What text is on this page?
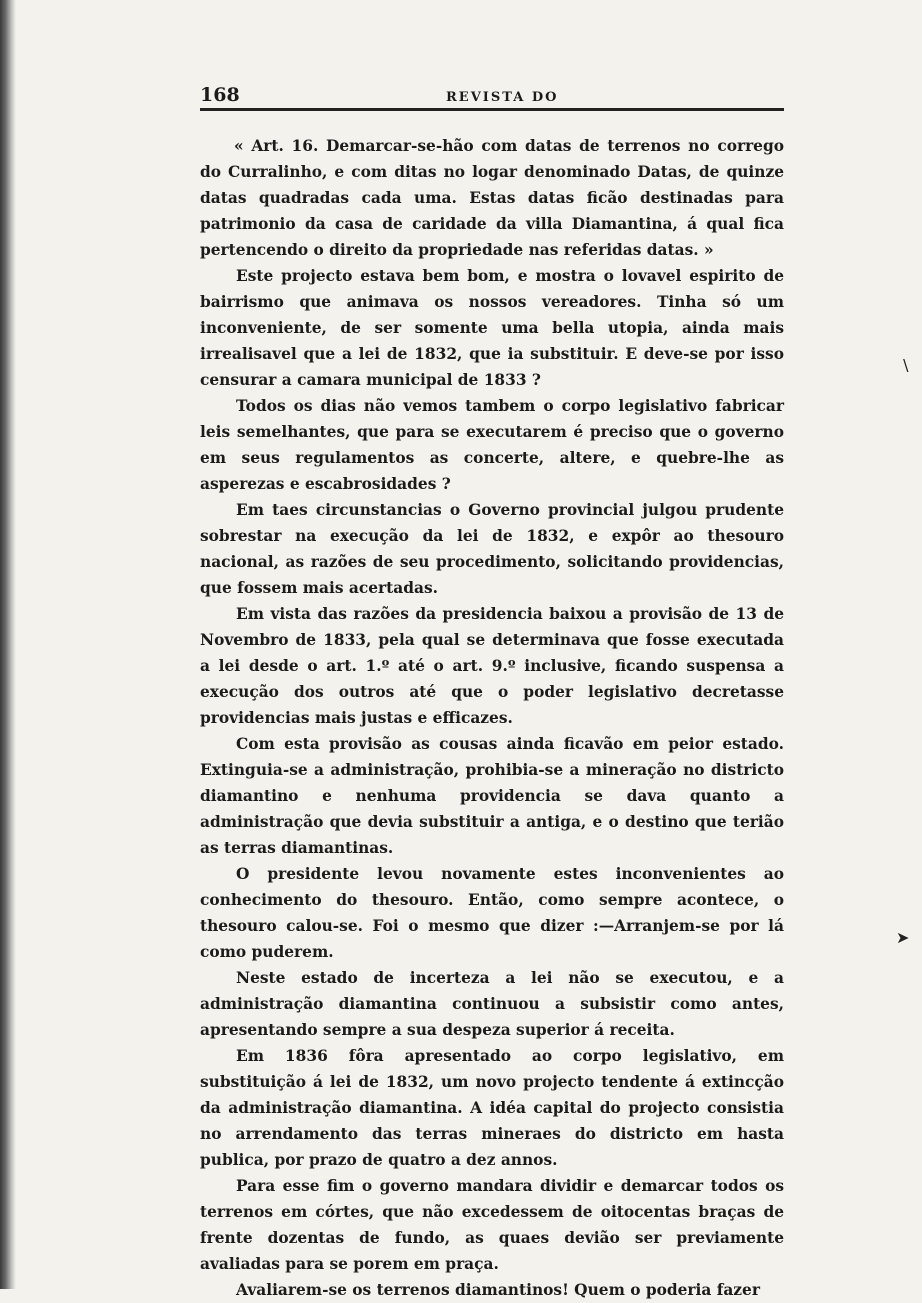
168	REVISTA DO

« Art. 16. Demarcar-se-hão com datas de terrenos no corrego do Curralinho, e com ditas no logar denominado Datas, de quinze datas quadradas cada uma. Estas datas ficão destinadas para patrimonio da casa de caridade da villa Diamantina, á qual fica pertencendo o direito da propriedade nas referidas datas. »

Este projecto estava bem bom, e mostra o lovavel espirito de bairrismo que animava os nossos vereadores. Tinha só um inconveniente, de ser somente uma bella utopia, ainda mais irrealisavel que a lei de 1832, que ia substituir. E deve-se por isso censurar a camara municipal de 1833 ?

Todos os dias não vemos tambem o corpo legislativo fabricar leis semelhantes, que para se executarem é preciso que o governo em seus regulamentos as concerte, altere, e quebre-lhe as asperezas e escabrosidades ?

Em taes circunstancias o Governo provincial julgou prudente sobrestar na execução da lei de 1832, e expôr ao thesouro nacional, as razões de seu procedimento, solicitando providencias, que fossem mais acertadas.

Em vista das razões da presidencia baixou a provisão de 13 de Novembro de 1833, pela qual se determinava que fosse executada a lei desde o art. 1.º até o art. 9.º inclusive, ficando suspensa a execução dos outros até que o poder legislativo decretasse providencias mais justas e efficazes.

Com esta provisão as cousas ainda ficavão em peior estado. Extinguia-se a administração, prohibia-se a mineração no districto diamantino e nenhuma providencia se dava quanto a administração que devia substituir a antiga, e o destino que terião as terras diamantinas.

O presidente levou novamente estes inconvenientes ao conhecimento do thesouro. Então, como sempre acontece, o thesouro calou-se. Foi o mesmo que dizer :—Arranjem-se por lá como puderem.

Neste estado de incerteza a lei não se executou, e a administração diamantina continuou a subsistir como antes, apresentando sempre a sua despeza superior á receita.

Em 1836 fôra apresentado ao corpo legislativo, em substituição á lei de 1832, um novo projecto tendente á extincção da administração diamantina. A idéa capital do projecto consistia no arrendamento das terras mineraes do districto em hasta publica, por prazo de quatro a dez annos.

Para esse fim o governo mandara dividir e demarcar todos os terrenos em córtes, que não excedessem de oitocentas braças de frente dozentas de fundo, as quaes devião ser previamente avaliadas para se porem em praça.

Avaliarem-se os terrenos diamantinos! Quem o poderia fazer

∖
➤
